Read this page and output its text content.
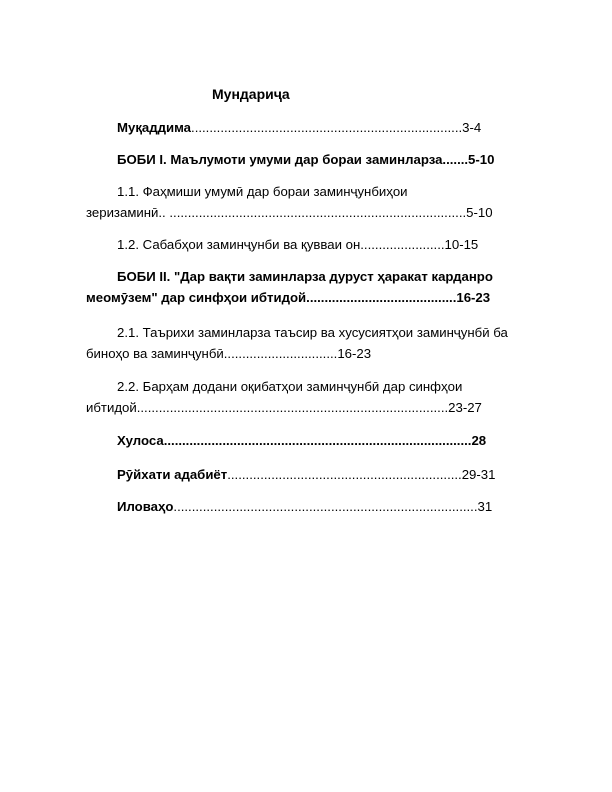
Мундариҷа
Муқаддима..........................................................................3-4
БОБИ I. Маълумоти умуми дар бораи заминларза.......5-10
1.1. Фаҳмиши умумӣ дар бораи заминҷунбиҳои
зеризаминӣ.. .................................................................................5-10
1.2. Сабабҳои заминҷунби ва қувваи он.......................10-15
БОБИ II. "Дар вақти заминларза дуруст ҳаракат карданро
меомӯзем" дар синфҳои ибтидой.........................................16-23
2.1. Таърихи заминларза таъсир ва хусусиятҳои заминҷунбӣ ба
биноҳо ва заминҷунбӣ...............................16-23
2.2. Барҳам додани оқибатҳои заминҷунбӣ дар синфҳои
ибтидой.....................................................................................23-27
Хулоса....................................................................................28
Рӯйхати адабиёт................................................................29-31
Иловаҳо...................................................................................31
